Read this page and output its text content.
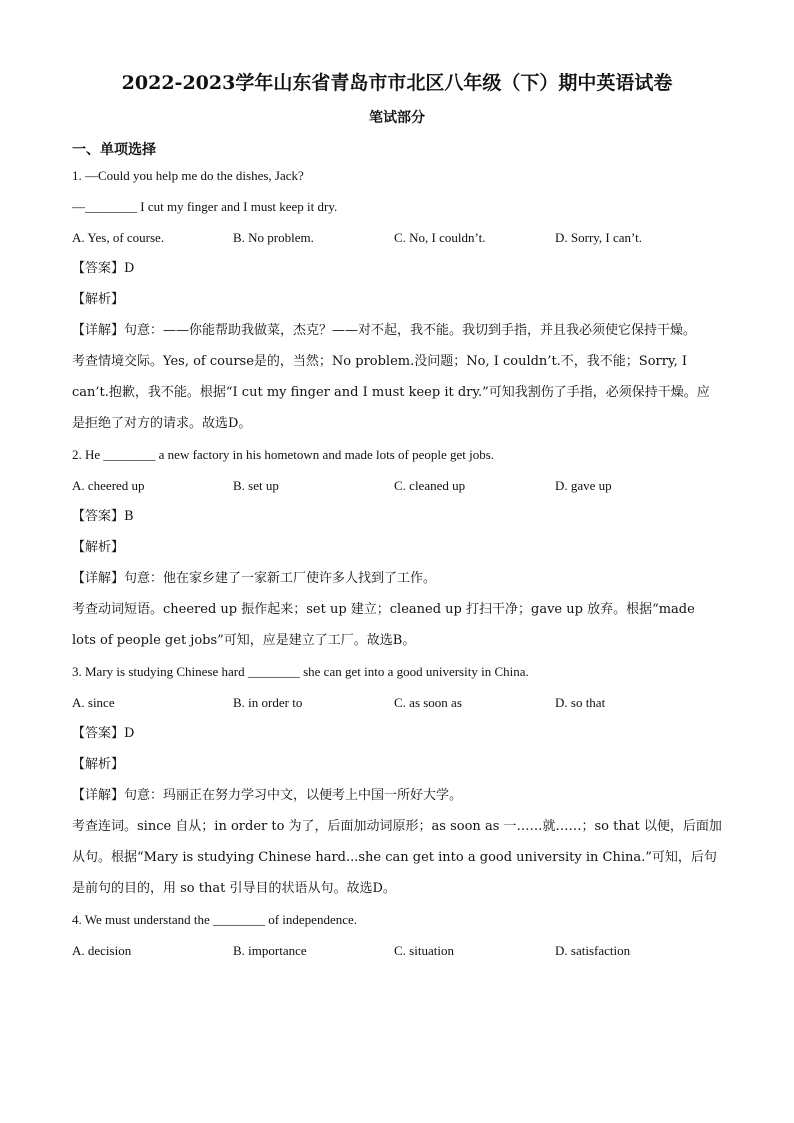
2022-2023学年山东省青岛市市北区八年级（下）期中英语试卷
笔试部分
一、单项选择
1. —Could you help me do the dishes, Jack?
—________ I cut my finger and I must keep it dry.
A. Yes, of course.	B. No problem.	C. No, I couldn’t.	D. Sorry, I can’t.
【答案】D
【解析】
【详解】句意：——你能帮助我做菜，杰克？——对不起，我不能。我切到手指，并且我必须使它保持干燥。
考查情境交际。Yes, of course是的，当然；No problem.没问题；No, I couldn’t.不，我不能；Sorry, I can’t.抱歉，我不能。根据“I cut my finger and I must keep it dry.”可知我割伤了手指，必须保持干燥。应是拒绝了对方的请求。故选D。
2. He ________ a new factory in his hometown and made lots of people get jobs.
A. cheered up	B. set up	C. cleaned up	D. gave up
【答案】B
【解析】
【详解】句意：他在家乡建了一家新工厂使许多人找到了工作。
考查动词短语。cheered up 振作起来；set up 建立；cleaned up 打扫干净；gave up 放弃。根据“made lots of people get jobs”可知，应是建立了工厂。故选B。
3. Mary is studying Chinese hard ________ she can get into a good university in China.
A. since	B. in order to	C. as soon as	D. so that
【答案】D
【解析】
【详解】句意：玛丽正在努力学习中文，以便考上中国一所好大学。
考查连词。since 自从；in order to 为了，后面加动词原形；as soon as 一……就……；so that 以便，后面加从句。根据“Mary is studying Chinese hard...she can get into a good university in China.”可知，后句是前句的目的，用 so that 引导目的状语从句。故选D。
4. We must understand the ________ of independence.
A. decision	B. importance	C. situation	D. satisfaction
